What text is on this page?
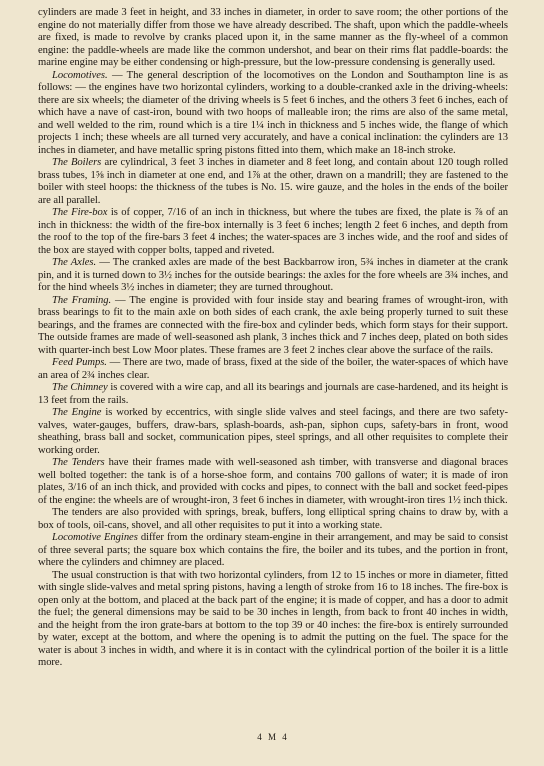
cylinders are made 3 feet in height, and 33 inches in diameter, in order to save room; the other portions of the engine do not materially differ from those we have already described. The shaft, upon which the paddle-wheels are fixed, is made to revolve by cranks placed upon it, in the same manner as the fly-wheel of a common engine: the paddle-wheels are made like the common undershot, and bear on their rims flat paddle-boards: the marine engine may be either condensing or high-pressure, but the low-pressure condensing is generally used.

Locomotives. — The general description of the locomotives on the London and Southampton line is as follows: — the engines have two horizontal cylinders, working to a double-cranked axle in the driving-wheels: there are six wheels; the diameter of the driving wheels is 5 feet 6 inches, and the others 3 feet 6 inches, each of which have a nave of cast-iron, bound with two hoops of malleable iron; the rims are also of the same metal, and well welded to the rim, round which is a tire 1¼ inch in thickness and 5 inches wide, the flange of which projects 1 inch; these wheels are all turned very accurately, and have a conical inclination: the cylinders are 13 inches in diameter, and have metallic spring pistons fitted into them, which make an 18-inch stroke.

The Boilers are cylindrical, 3 feet 3 inches in diameter and 8 feet long, and contain about 120 tough rolled brass tubes, 1⅝ inch in diameter at one end, and 1⅞ at the other, drawn on a mandrill; they are fastened to the boiler with steel hoops: the thickness of the tubes is No. 15. wire gauze, and the holes in the ends of the boiler are all parallel.

The Fire-box is of copper, 7/16 of an inch in thickness, but where the tubes are fixed, the plate is ⅞ of an inch in thickness: the width of the fire-box internally is 3 feet 6 inches; length 2 feet 6 inches, and depth from the roof to the top of the fire-bars 3 feet 4 inches; the water-spaces are 3 inches wide, and the roof and sides of the box are stayed with copper bolts, tapped and riveted.

The Axles. — The cranked axles are made of the best Backbarrow iron, 5¾ inches in diameter at the crank pin, and it is turned down to 3½ inches for the outside bearings: the axles for the fore wheels are 3¾ inches, and for the hind wheels 3½ inches in diameter; they are turned throughout.

The Framing. — The engine is provided with four inside stay and bearing frames of wrought-iron, with brass bearings to fit to the main axle on both sides of each crank, the axle being properly turned to suit these bearings, and the frames are connected with the fire-box and cylinder beds, which form stays for their support. The outside frames are made of well-seasoned ash plank, 3 inches thick and 7 inches deep, plated on both sides with quarter-inch best Low Moor plates. These frames are 3 feet 2 inches clear above the surface of the rails.

Feed Pumps. — There are two, made of brass, fixed at the side of the boiler, the water-spaces of which have an area of 2¾ inches clear.

The Chimney is covered with a wire cap, and all its bearings and journals are case-hardened, and its height is 13 feet from the rails.

The Engine is worked by eccentrics, with single slide valves and steel facings, and there are two safety-valves, water-gauges, buffers, draw-bars, splash-boards, ash-pan, siphon cups, safety-bars in front, wood sheathing, brass ball and socket, communication pipes, steel springs, and all other requisites to complete their working order.

The Tenders have their frames made with well-seasoned ash timber, with transverse and diagonal braces well bolted together: the tank is of a horse-shoe form, and contains 700 gallons of water; it is made of iron plates, 3/16 of an inch thick, and provided with cocks and pipes, to connect with the ball and socket feed-pipes of the engine: the wheels are of wrought-iron, 3 feet 6 inches in diameter, with wrought-iron tires 1½ inch thick.

The tenders are also provided with springs, break, buffers, long elliptical spring chains to draw by, with a box of tools, oil-cans, shovel, and all other requisites to put it into a working state.

Locomotive Engines differ from the ordinary steam-engine in their arrangement, and may be said to consist of three several parts; the square box which contains the fire, the boiler and its tubes, and the portion in front, where the cylinders and chimney are placed.

The usual construction is that with two horizontal cylinders, from 12 to 15 inches or more in diameter, fitted with single slide-valves and metal spring pistons, having a length of stroke from 16 to 18 inches. The fire-box is open only at the bottom, and placed at the back part of the engine; it is made of copper, and has a door to admit the fuel; the general dimensions may be said to be 30 inches in length, from back to front 40 inches in width, and the height from the iron grate-bars at bottom to the top 39 or 40 inches: the fire-box is entirely surrounded by water, except at the bottom, and where the opening is to admit the putting on the fuel. The space for the water is about 3 inches in width, and where it is in contact with the cylindrical portion of the boiler it is a little more.

4 M 4
